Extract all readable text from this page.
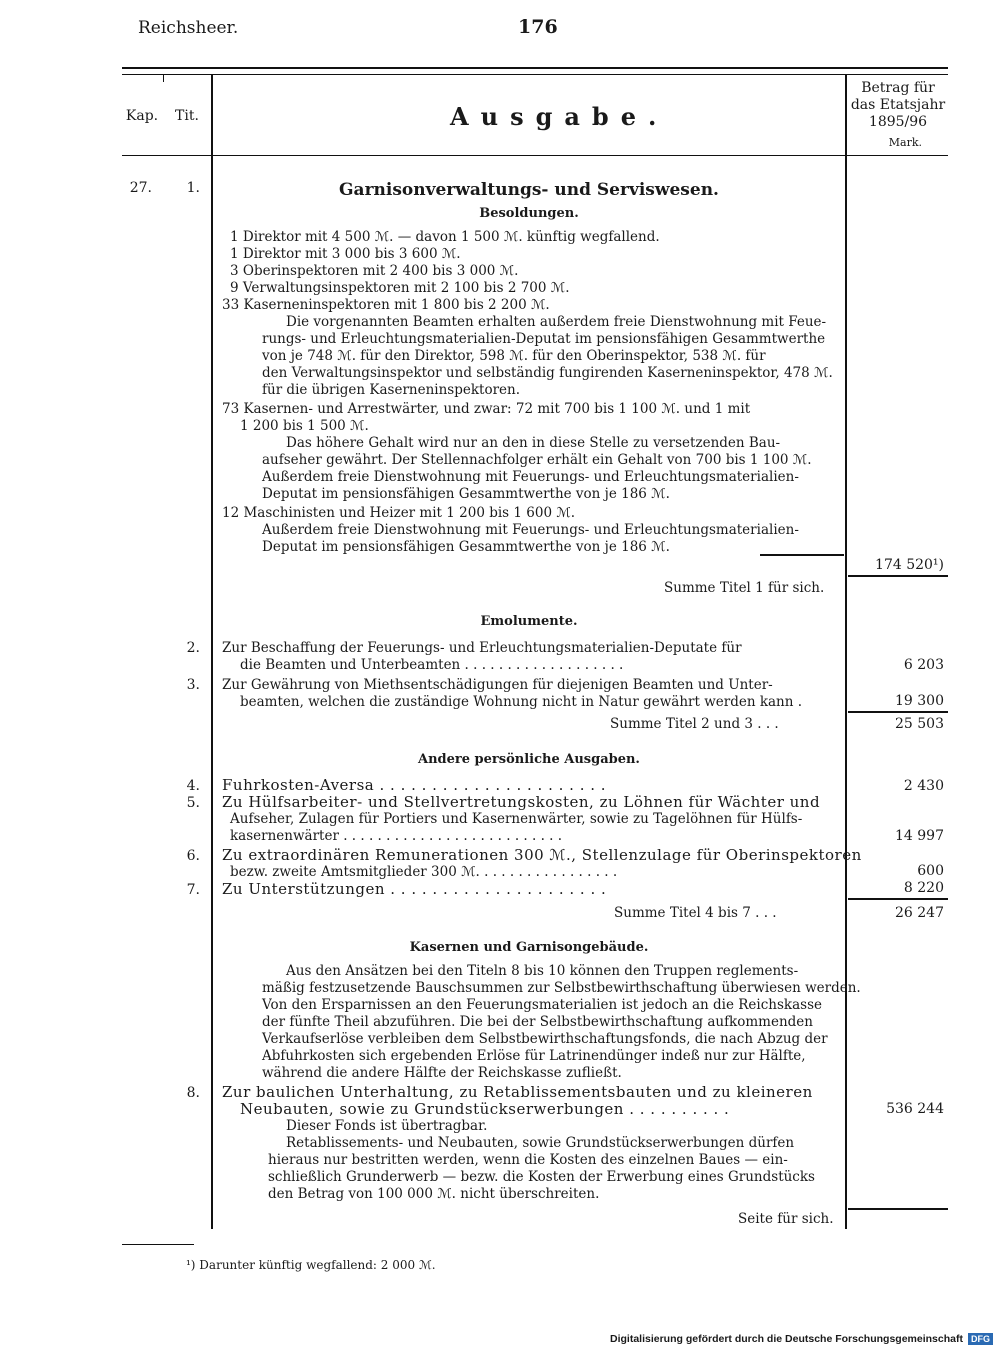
Reichsheer.	176
Kap.	Tit.	Ausgabe.
Betrag für
das Etatsjahr
1895/96
Mark.
27.	1.	Garnisonverwaltungs- und Serviswesen.
Besoldungen.
1 Direktor mit 4 500 ℳ. — davon 1 500 ℳ. künftig wegfallend.
1 Direktor mit 3 000 bis 3 600 ℳ.
3 Oberinspektoren mit 2 400 bis 3 000 ℳ.
9 Verwaltungsinspektoren mit 2 100 bis 2 700 ℳ.
33 Kaserneninspektoren mit 1 800 bis 2 200 ℳ.
Die vorgenannten Beamten erhalten außerdem freie Dienstwohnung mit Feue-
rungs- und Erleuchtungsmaterialien-Deputat im pensionsfähigen Gesammtwerthe
von je 748 ℳ. für den Direktor, 598 ℳ. für den Oberinspektor, 538 ℳ. für
den Verwaltungsinspektor und selbständig fungirenden Kaserneninspektor, 478 ℳ.
für die übrigen Kaserneninspektoren.
73 Kasernen- und Arrestwärter, und zwar: 72 mit 700 bis 1 100 ℳ. und 1 mit
1 200 bis 1 500 ℳ.
Das höhere Gehalt wird nur an den in diese Stelle zu versetzenden Bau-
aufseher gewährt. Der Stellennachfolger erhält ein Gehalt von 700 bis 1 100 ℳ.
Außerdem freie Dienstwohnung mit Feuerungs- und Erleuchtungsmaterialien-
Deputat im pensionsfähigen Gesammtwerthe von je 186 ℳ.
12 Maschinisten und Heizer mit 1 200 bis 1 600 ℳ.
Außerdem freie Dienstwohnung mit Feuerungs- und Erleuchtungsmaterialien-
Deputat im pensionsfähigen Gesammtwerthe von je 186 ℳ.
174 520¹)
Summe Titel 1 für sich.
Emolumente.
2. Zur Beschaffung der Feuerungs- und Erleuchtungsmaterialien-Deputate für
die Beamten und Unterbeamten . . . . . . . . . . . . . . . . . . .	6 203
3. Zur Gewährung von Miethsentschädigungen für diejenigen Beamten und Unter-
beamten, welchen die zuständige Wohnung nicht in Natur gewährt werden kann .	19 300
Summe Titel 2 und 3 . . .	25 503
Andere persönliche Ausgaben.
4. Fuhrkosten-Aversa . . . . . . . . . . . . . . . . . . . . . .	2 430
5. Zu Hülfsarbeiter- und Stellvertretungskosten, zu Löhnen für Wächter und
Aufseher, Zulagen für Portiers und Kasernenwärter, sowie zu Tagelöhnen für Hülfs-
kasernenwärter . . . . . . . . . . . . . . . . . . . . . . . . . .	14 997
6. Zu extraordinären Remunerationen 300 ℳ., Stellenzulage für Oberinspektoren
bezw. zweite Amtsmitglieder 300 ℳ. . . . . . . . . . . . . . . . .	600
7. Zu Unterstützungen . . . . . . . . . . . . . . . . . . . . .	8 220
Summe Titel 4 bis 7 . . .	26 247
Kasernen und Garnisongebäude.
Aus den Ansätzen bei den Titeln 8 bis 10 können den Truppen reglements-
mäßig festzusetzende Bauschsummen zur Selbstbewirthschaftung überwiesen werden.
Von den Ersparnissen an den Feuerungsmaterialien ist jedoch an die Reichskasse
der fünfte Theil abzuführen. Die bei der Selbstbewirthschaftung aufkommenden
Verkaufserlöse verbleiben dem Selbstbewirthschaftungsfonds, die nach Abzug der
Abfuhrkosten sich ergebenden Erlöse für Latrinendünger indeß nur zur Hälfte,
während die andere Hälfte der Reichskasse zufließt.
8. Zur baulichen Unterhaltung, zu Retablissementsbauten und zu kleineren
Neubauten, sowie zu Grundstückserwerbungen . . . . . . . . . .	536 244
Dieser Fonds ist übertragbar.
Retablissements- und Neubauten, sowie Grundstückserwerbungen dürfen
hieraus nur bestritten werden, wenn die Kosten des einzelnen Baues — ein-
schließlich Grunderwerb — bezw. die Kosten der Erwerbung eines Grundstücks
den Betrag von 100 000 ℳ. nicht überschreiten.
Seite für sich.
¹) Darunter künftig wegfallend: 2 000 ℳ.
Digitalisierung gefördert durch die Deutsche Forschungsgemeinschaft DFG
